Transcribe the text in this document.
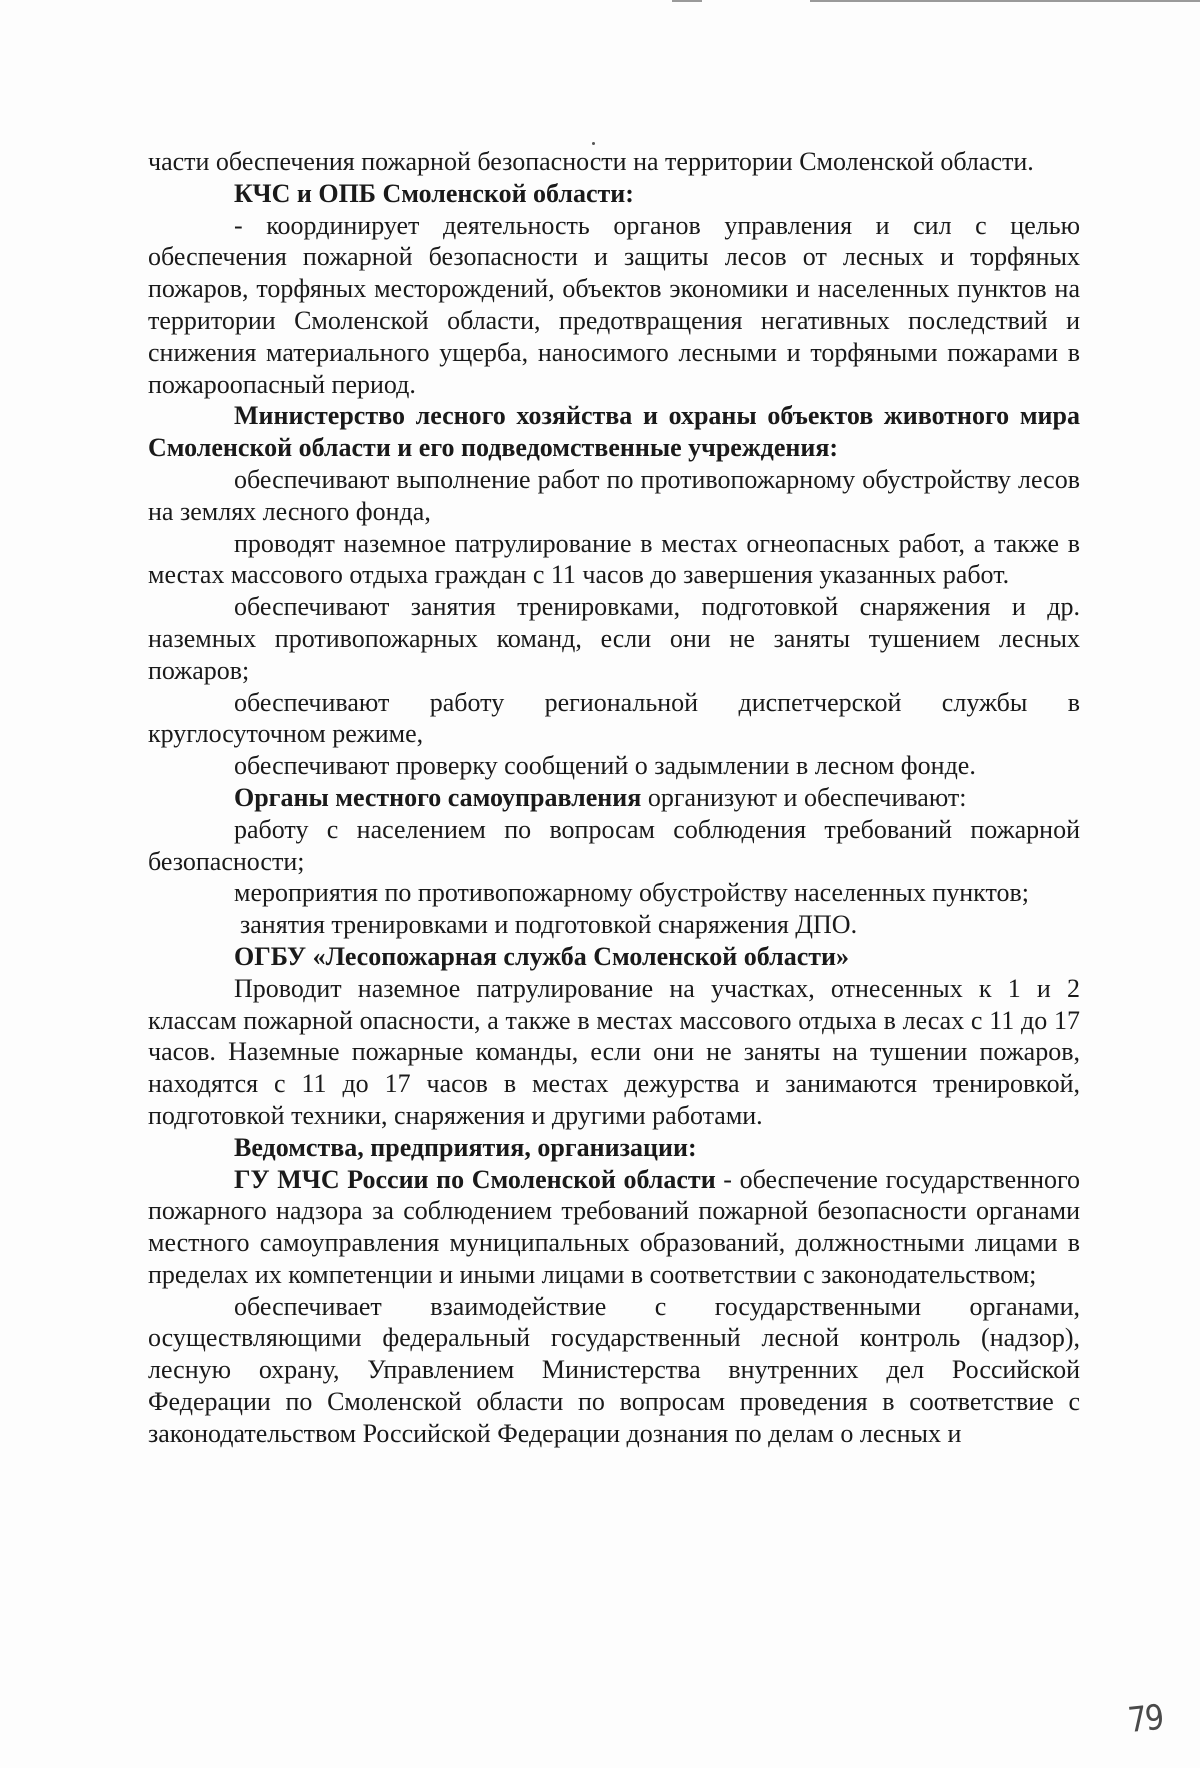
части обеспечения пожарной безопасности на территории Смоленской области.

КЧС и ОПБ Смоленской области:

- координирует деятельность органов управления и сил с целью обеспечения пожарной безопасности и защиты лесов от лесных и торфяных пожаров, торфяных месторождений, объектов экономики и населенных пунктов на территории Смоленской области, предотвращения негативных последствий и снижения материального ущерба, наносимого лесными и торфяными пожарами в пожароопасный период.

Министерство лесного хозяйства и охраны объектов животного мира Смоленской области и его подведомственные учреждения:

обеспечивают выполнение работ по противопожарному обустройству лесов на землях лесного фонда,

проводят наземное патрулирование в местах огнеопасных работ, а также в местах массового отдыха граждан с 11 часов до завершения указанных работ.

обеспечивают занятия тренировками, подготовкой снаряжения и др. наземных противопожарных команд, если они не заняты тушением лесных пожаров;

обеспечивают работу региональной диспетчерской службы в круглосуточном режиме,

обеспечивают проверку сообщений о задымлении в лесном фонде.

Органы местного самоуправления организуют и обеспечивают:

работу с населением по вопросам соблюдения требований пожарной безопасности;

мероприятия по противопожарному обустройству населенных пунктов;

занятия тренировками и подготовкой снаряжения ДПО.

ОГБУ «Лесопожарная служба Смоленской области»

Проводит наземное патрулирование на участках, отнесенных к 1 и 2 классам пожарной опасности, а также в местах массового отдыха в лесах с 11 до 17 часов. Наземные пожарные команды, если они не заняты на тушении пожаров, находятся с 11 до 17 часов в местах дежурства и занимаются тренировкой, подготовкой техники, снаряжения и другими работами.

Ведомства, предприятия, организации:

ГУ МЧС России по Смоленской области - обеспечение государственного пожарного надзора за соблюдением требований пожарной безопасности органами местного самоуправления муниципальных образований, должностными лицами в пределах их компетенции и иными лицами в соответствии с законодательством;

обеспечивает взаимодействие с государственными органами, осуществляющими федеральный государственный лесной контроль (надзор), лесную охрану, Управлением Министерства внутренних дел Российской Федерации по Смоленской области по вопросам проведения в соответствие с законодательством Российской Федерации дознания по делам о лесных и

79
